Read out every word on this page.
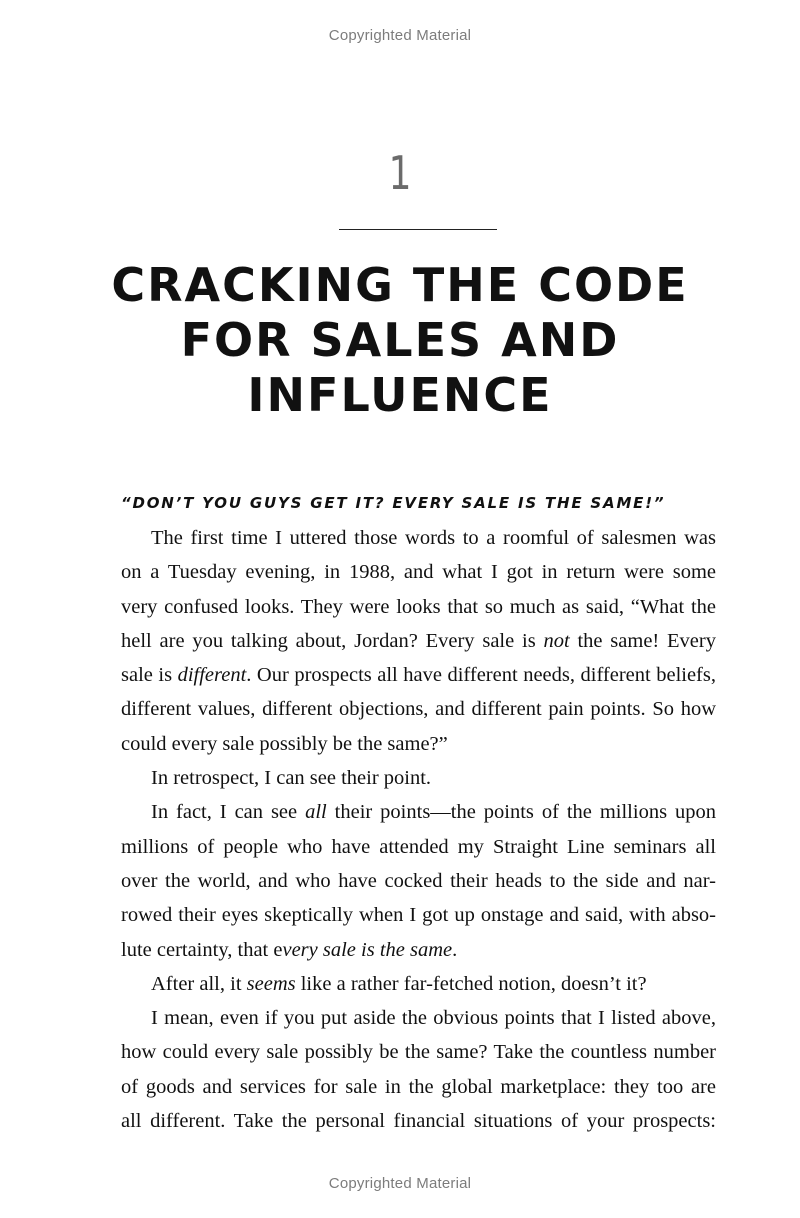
Copyrighted Material
1
CRACKING THE CODE
FOR SALES AND
INFLUENCE
“DON’T YOU GUYS GET IT? EVERY SALE IS THE SAME!”
The first time I uttered those words to a roomful of salesmen was
on a Tuesday evening, in 1988, and what I got in return were some
very confused looks. They were looks that so much as said, “What the
hell are you talking about, Jordan? Every sale is not the same! Every
sale is different. Our prospects all have different needs, different beliefs,
different values, different objections, and different pain points. So how
could every sale possibly be the same?”
In retrospect, I can see their point.
In fact, I can see all their points—the points of the millions upon
millions of people who have attended my Straight Line seminars all
over the world, and who have cocked their heads to the side and nar-
rowed their eyes skeptically when I got up onstage and said, with abso-
lute certainty, that every sale is the same.
After all, it seems like a rather far-fetched notion, doesn’t it?
I mean, even if you put aside the obvious points that I listed above,
how could every sale possibly be the same? Take the countless number
of goods and services for sale in the global marketplace: they too are
all different. Take the personal financial situations of your prospects:
Copyrighted Material
